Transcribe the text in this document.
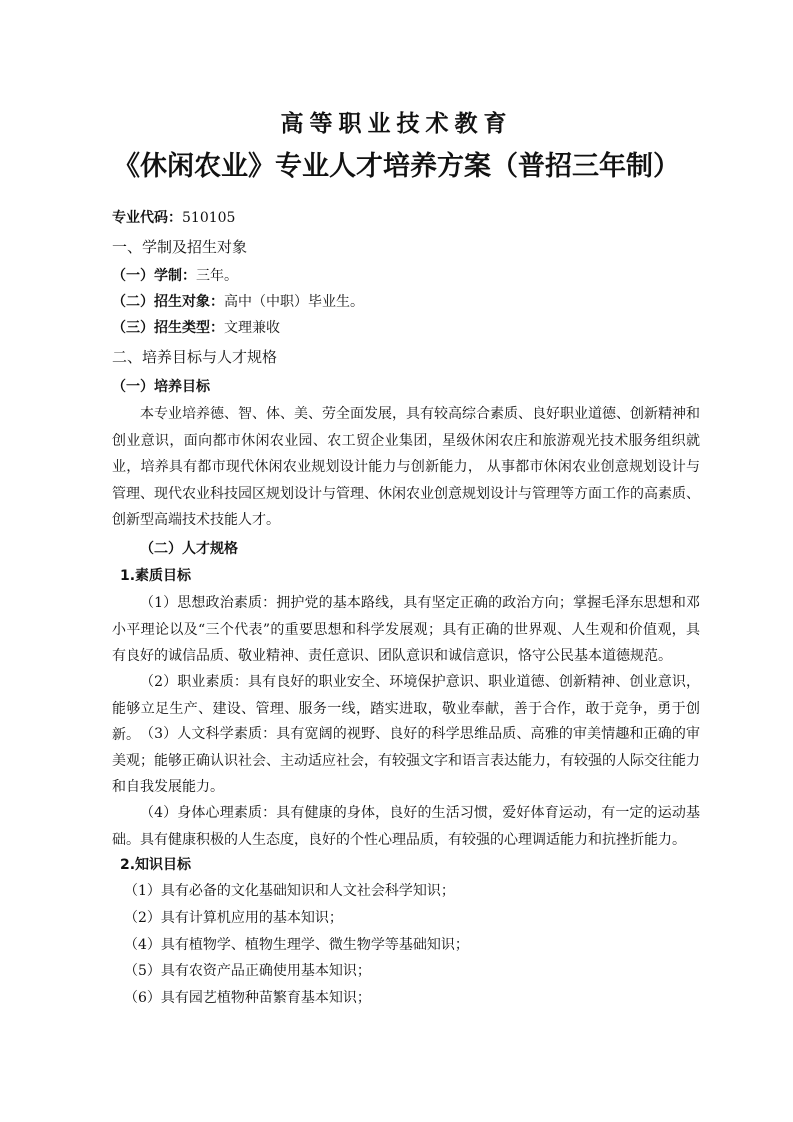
高等职业技术教育
《休闲农业》专业人才培养方案（普招三年制）
专业代码：510105
一、学制及招生对象
（一）学制：三年。
（二）招生对象：高中（中职）毕业生。
（三）招生类型：文理兼收
二、培养目标与人才规格
（一）培养目标
本专业培养德、智、体、美、劳全面发展，具有较高综合素质、良好职业道德、创新精神和创业意识，面向都市休闲农业园、农工贸企业集团，星级休闲农庄和旅游观光技术服务组织就业，培养具有都市现代休闲农业规划设计能力与创新能力， 从事都市休闲农业创意规划设计与管理、现代农业科技园区规划设计与管理、休闲农业创意规划设计与管理等方面工作的高素质、创新型高端技术技能人才。
（二）人才规格
1.素质目标
（1）思想政治素质：拥护党的基本路线，具有坚定正确的政治方向；掌握毛泽东思想和邓小平理论以及“三个代表”的重要思想和科学发展观；具有正确的世界观、人生观和价值观，具有良好的诚信品质、敬业精神、责任意识、团队意识和诚信意识，恪守公民基本道德规范。
（2）职业素质：具有良好的职业安全、环境保护意识、职业道德、创新精神、创业意识，能够立足生产、建设、管理、服务一线，踏实进取，敬业奉献，善于合作，敢于竞争，勇于创新。 （3）人文科学素质：具有宽阔的视野、良好的科学思维品质、高雅的审美情趣和正确的审美观；能够正确认识社会、主动适应社会，有较强文字和语言表达能力，有较强的人际交往能力和自我发展能力。
（4）身体心理素质：具有健康的身体，良好的生活习惯，爱好体育运动，有一定的运动基础。具有健康积极的人生态度，良好的个性心理品质，有较强的心理调适能力和抗挫折能力。
2.知识目标
（1）具有必备的文化基础知识和人文社会科学知识；
（2）具有计算机应用的基本知识；
（4）具有植物学、植物生理学、微生物学等基础知识；
（5）具有农资产品正确使用基本知识；
（6）具有园艺植物种苗繁育基本知识；
